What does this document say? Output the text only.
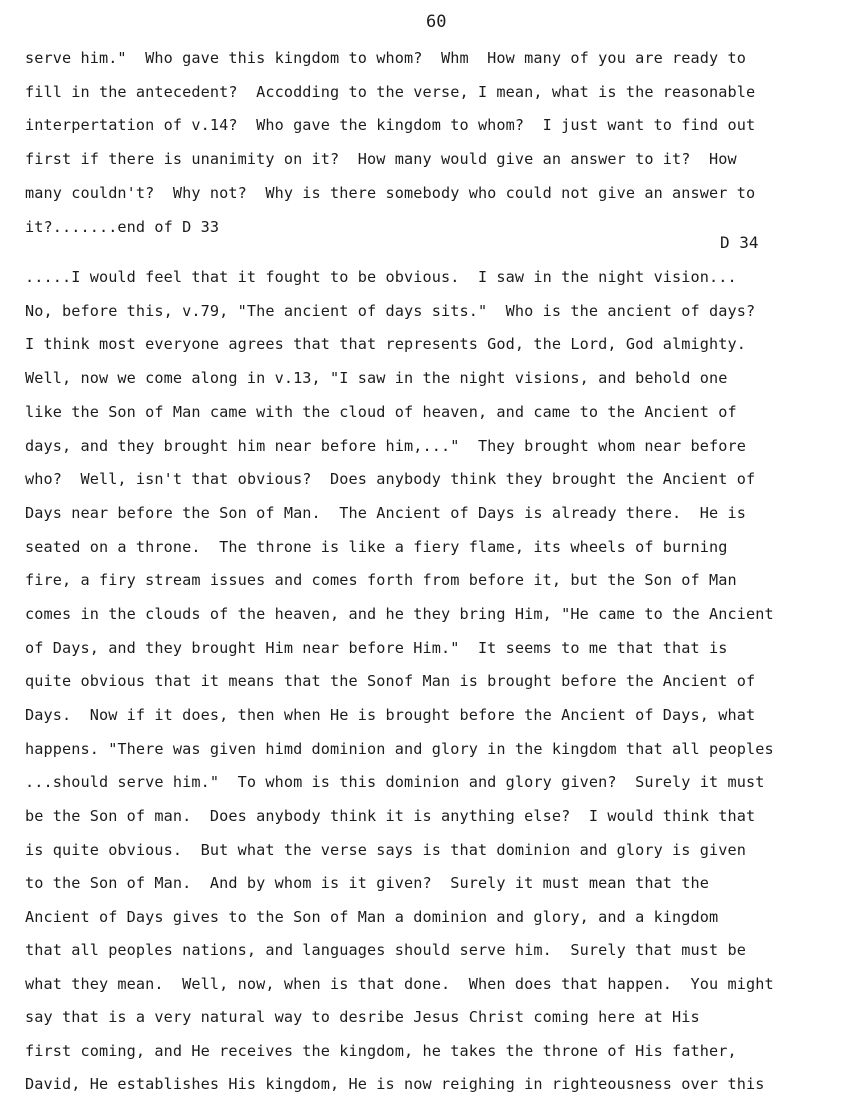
60
serve him."  Who gave this kingdom to whom?  Whm  How many of you are ready to
fill in the antecedent?  Accodding to the verse, I mean, what is the reasonable
interpertation of v.14?  Who gave the kingdom to whom?  I just want to find out
first if there is unanimity on it?  How many would give an answer to it?  How
many couldn't?  Why not?  Why is there somebody who could not give an answer to
it?.......end of D 33
D 34
.....I would feel that it fought to be obvious.  I saw in the night vision...
No, before this, v.79, "The ancient of days sits."  Who is the ancient of days?
I think most everyone agrees that that represents God, the Lord, God almighty.
Well, now we come along in v.13, "I saw in the night visions, and behold one
like the Son of Man came with the cloud of heaven, and came to the Ancient of
days, and they brought him near before him,..."  They brought whom near before
who?  Well, isn't that obvious?  Does anybody think they brought the Ancient of
Days near before the Son of Man.  The Ancient of Days is already there.  He is
seated on a throne.  The throne is like a fiery flame, its wheels of burning
fire, a firy stream issues and comes forth from before it, but the Son of Man
comes in the clouds of the heaven, and he they bring Him, "He came to the Ancient
of Days, and they brought Him near before Him."  It seems to me that that is
quite obvious that it means that the Sonof Man is brought before the Ancient of
Days.  Now if it does, then when He is brought before the Ancient of Days, what
happens. "There was given himd dominion and glory in the kingdom that all peoples
...should serve him."  To whom is this dominion and glory given?  Surely it must
be the Son of man.  Does anybody think it is anything else?  I would think that
is quite obvious.  But what the verse says is that dominion and glory is given
to the Son of Man.  And by whom is it given?  Surely it must mean that the
Ancient of Days gives to the Son of Man a dominion and glory, and a kingdom
that all peoples nations, and languages should serve him.  Surely that must be
what they mean.  Well, now, when is that done.  When does that happen.  You might
say that is a very natural way to desribe Jesus Christ coming here at His
first coming, and He receives the kingdom, he takes the throne of His father,
David, He establishes His kingdom, He is now reighing in righteousness over this
